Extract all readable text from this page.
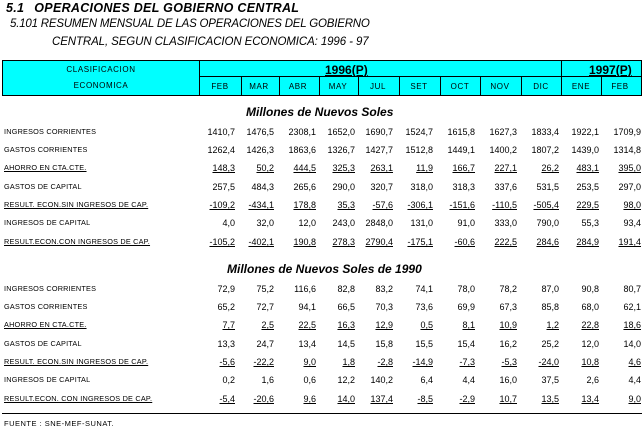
5.1 OPERACIONES DEL GOBIERNO CENTRAL
5.101 RESUMEN MENSUAL DE LAS OPERACIONES DEL GOBIERNO
CENTRAL, SEGUN CLASIFICACION ECONOMICA: 1996 - 97
CLASIFICACION
ECONOMICA
1996(P)	1997(P)
FEB	MAR	ABR	MAY	JUL	SET	OCT	NOV	DIC	ENE	FEB
Millones de Nuevos Soles
INGRESOS CORRIENTES	1410,7	1476,5	2308,1	1652,0	1690,7	1524,7	1615,8	1627,3	1833,4	1922,1	1709,9
GASTOS CORRIENTES	1262,4	1426,3	1863,6	1326,7	1427,7	1512,8	1449,1	1400,2	1807,2	1439,0	1314,8
AHORRO EN CTA.CTE.	148,3	50,2	444,5	325,3	263,1	11,9	166,7	227,1	26,2	483,1	395,0
GASTOS DE CAPITAL	257,5	484,3	265,6	290,0	320,7	318,0	318,3	337,6	531,5	253,5	297,0
RESULT. ECON.SIN INGRESOS DE CAP.	-109,2	-434,1	178,8	35,3	-57,6	-306,1	-151,6	-110,5	-505,4	229,5	98,0
INGRESOS DE CAPITAL	4,0	32,0	12,0	243,0	2848,0	131,0	91,0	333,0	790,0	55,3	93,4
RESULT.ECON.CON INGRESOS DE CAP.	-105,2	-402,1	190,8	278,3	2790,4	-175,1	-60,6	222,5	284,6	284,9	191,4
Millones de Nuevos Soles de 1990
INGRESOS CORRIENTES	72,9	75,2	116,6	82,8	83,2	74,1	78,0	78,2	87,0	90,8	80,7
GASTOS CORRIENTES	65,2	72,7	94,1	66,5	70,3	73,6	69,9	67,3	85,8	68,0	62,1
AHORRO EN CTA.CTE.	7,7	2,5	22,5	16,3	12,9	0,5	8,1	10,9	1,2	22,8	18,6
GASTOS DE CAPITAL	13,3	24,7	13,4	14,5	15,8	15,5	15,4	16,2	25,2	12,0	14,0
RESULT. ECON.SIN INGRESOS DE CAP.	-5,6	-22,2	9,0	1,8	-2,8	-14,9	-7,3	-5,3	-24,0	10,8	4,6
INGRESOS DE CAPITAL	0,2	1,6	0,6	12,2	140,2	6,4	4,4	16,0	37,5	2,6	4,4
RESULT.ECON. CON INGRESOS DE CAP.	-5,4	-20,6	9,6	14,0	137,4	-8,5	-2,9	10,7	13,5	13,4	9,0
FUENTE : SNE-MEF-SUNAT.
